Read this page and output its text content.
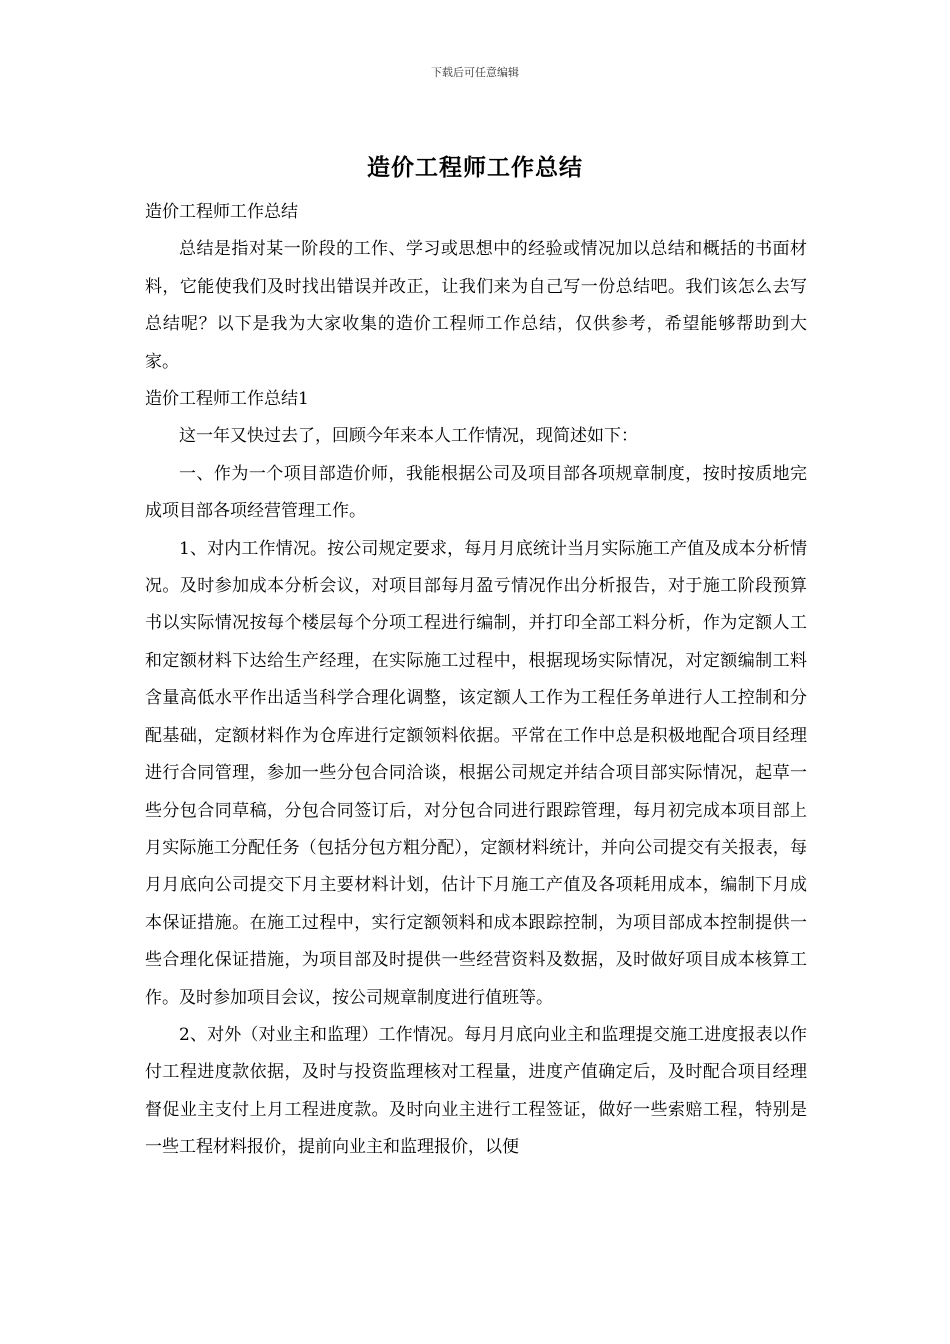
下载后可任意编辑
造价工程师工作总结

造价工程师工作总结

总结是指对某一阶段的工作、学习或思想中的经验或情况加以总结和概括的书面材料，它能使我们及时找出错误并改正，让我们来为自己写一份总结吧。我们该怎么去写总结呢？以下是我为大家收集的造价工程师工作总结，仅供参考，希望能够帮助到大家。

造价工程师工作总结1

这一年又快过去了，回顾今年来本人工作情况，现简述如下：

一、作为一个项目部造价师，我能根据公司及项目部各项规章制度，按时按质地完成项目部各项经营管理工作。

1、对内工作情况。按公司规定要求，每月月底统计当月实际施工产值及成本分析情况。及时参加成本分析会议，对项目部每月盈亏情况作出分析报告，对于施工阶段预算书以实际情况按每个楼层每个分项工程进行编制，并打印全部工料分析，作为定额人工和定额材料下达给生产经理，在实际施工过程中，根据现场实际情况，对定额编制工料含量高低水平作出适当科学合理化调整，该定额人工作为工程任务单进行人工控制和分配基础，定额材料作为仓库进行定额领料依据。平常在工作中总是积极地配合项目经理进行合同管理，参加一些分包合同洽谈，根据公司规定并结合项目部实际情况，起草一些分包合同草稿，分包合同签订后，对分包合同进行跟踪管理，每月初完成本项目部上月实际施工分配任务（包括分包方粗分配），定额材料统计，并向公司提交有关报表，每月月底向公司提交下月主要材料计划，估计下月施工产值及各项耗用成本，编制下月成本保证措施。在施工过程中，实行定额领料和成本跟踪控制，为项目部成本控制提供一些合理化保证措施，为项目部及时提供一些经营资料及数据，及时做好项目成本核算工作。及时参加项目会议，按公司规章制度进行值班等。

2、对外（对业主和监理）工作情况。每月月底向业主和监理提交施工进度报表以作付工程进度款依据，及时与投资监理核对工程量，进度产值确定后，及时配合项目经理督促业主支付上月工程进度款。及时向业主进行工程签证，做好一些索赔工程，特别是一些工程材料报价，提前向业主和监理报价，以便
